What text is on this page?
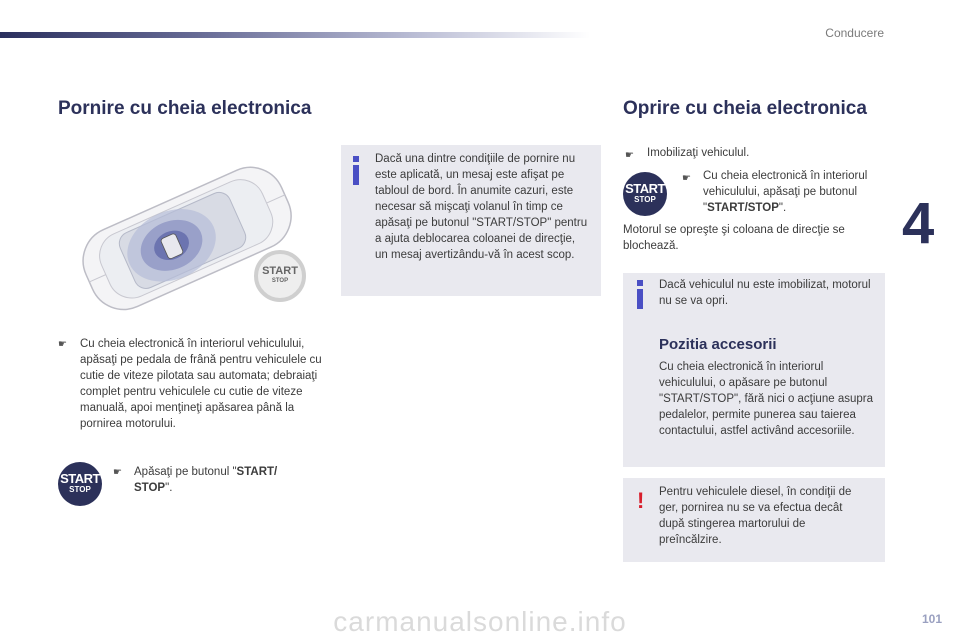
Conducere
4
Pornire cu cheia electronica
START
STOP
☛ Cu cheia electronică în interiorul vehiculului, apăsaţi pe pedala de frână pentru vehiculele cu cutie de viteze pilotata sau automata; debraiaţi complet pentru vehiculele cu cutie de viteze manuală, apoi menţineţi apăsarea până la pornirea motorului.
START
STOP
☛ Apăsaţi pe butonul "START/ STOP".
Dacă una dintre condiţiile de pornire nu este aplicată, un mesaj este afişat pe tabloul de bord. În anumite cazuri, este necesar să mişcaţi volanul în timp ce apăsaţi pe butonul "START/STOP" pentru a ajuta deblocarea coloanei de direcţie, un mesaj avertizându-vă în acest scop.
Oprire cu cheia electronica
☛ Imobilizaţi vehiculul.
START
STOP
☛ Cu cheia electronică în interiorul vehiculului, apăsaţi pe butonul "START/STOP".
Motorul se opreşte şi coloana de direcţie se blochează.
Dacă vehiculul nu este imobilizat, motorul nu se va opri.
Pozitia accesorii
Cu cheia electronică în interiorul vehiculului, o apăsare pe butonul "START/STOP", fără nici o acţiune asupra pedalelor, permite punerea sau taierea contactului, astfel activând accesoriile.
! Pentru vehiculele diesel, în condiţii de ger, pornirea nu se va efectua decât după stingerea martorului de preîncălzire.
carmanualsonline.info	101
